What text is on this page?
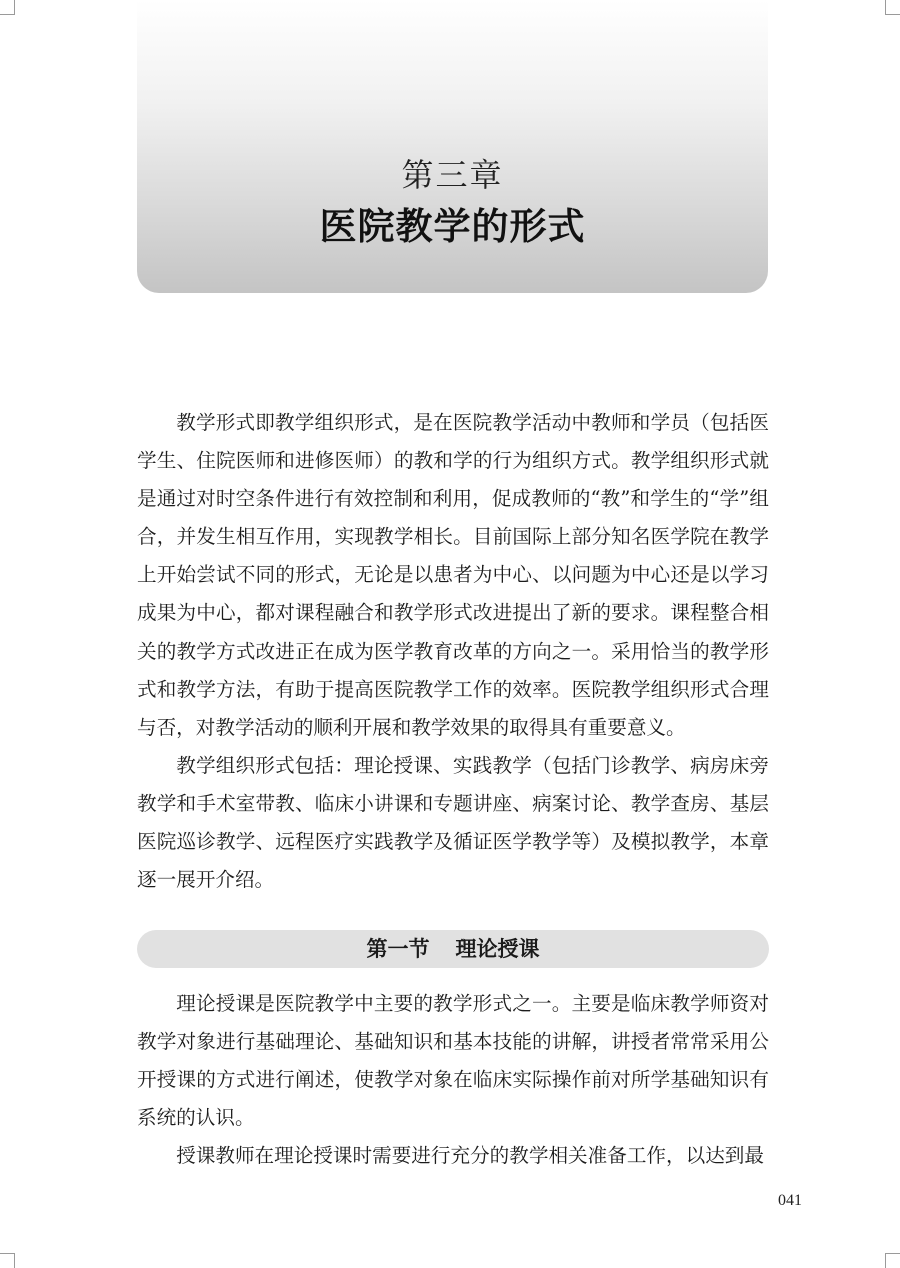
第三章
医院教学的形式

教学形式即教学组织形式，是在医院教学活动中教师和学员（包括医学生、住院医师和进修医师）的教和学的行为组织方式。教学组织形式就是通过对时空条件进行有效控制和利用，促成教师的“教”和学生的“学”组合，并发生相互作用，实现教学相长。目前国际上部分知名医学院在教学上开始尝试不同的形式，无论是以患者为中心、以问题为中心还是以学习成果为中心，都对课程融合和教学形式改进提出了新的要求。课程整合相关的教学方式改进正在成为医学教育改革的方向之一。采用恰当的教学形式和教学方法，有助于提高医院教学工作的效率。医院教学组织形式合理与否，对教学活动的顺利开展和教学效果的取得具有重要意义。

教学组织形式包括：理论授课、实践教学（包括门诊教学、病房床旁教学和手术室带教、临床小讲课和专题讲座、病案讨论、教学查房、基层医院巡诊教学、远程医疗实践教学及循证医学教学等）及模拟教学，本章逐一展开介绍。

第一节 理论授课

理论授课是医院教学中主要的教学形式之一。主要是临床教学师资对教学对象进行基础理论、基础知识和基本技能的讲解，讲授者常常采用公开授课的方式进行阐述，使教学对象在临床实际操作前对所学基础知识有系统的认识。

授课教师在理论授课时需要进行充分的教学相关准备工作，以达到最

041
